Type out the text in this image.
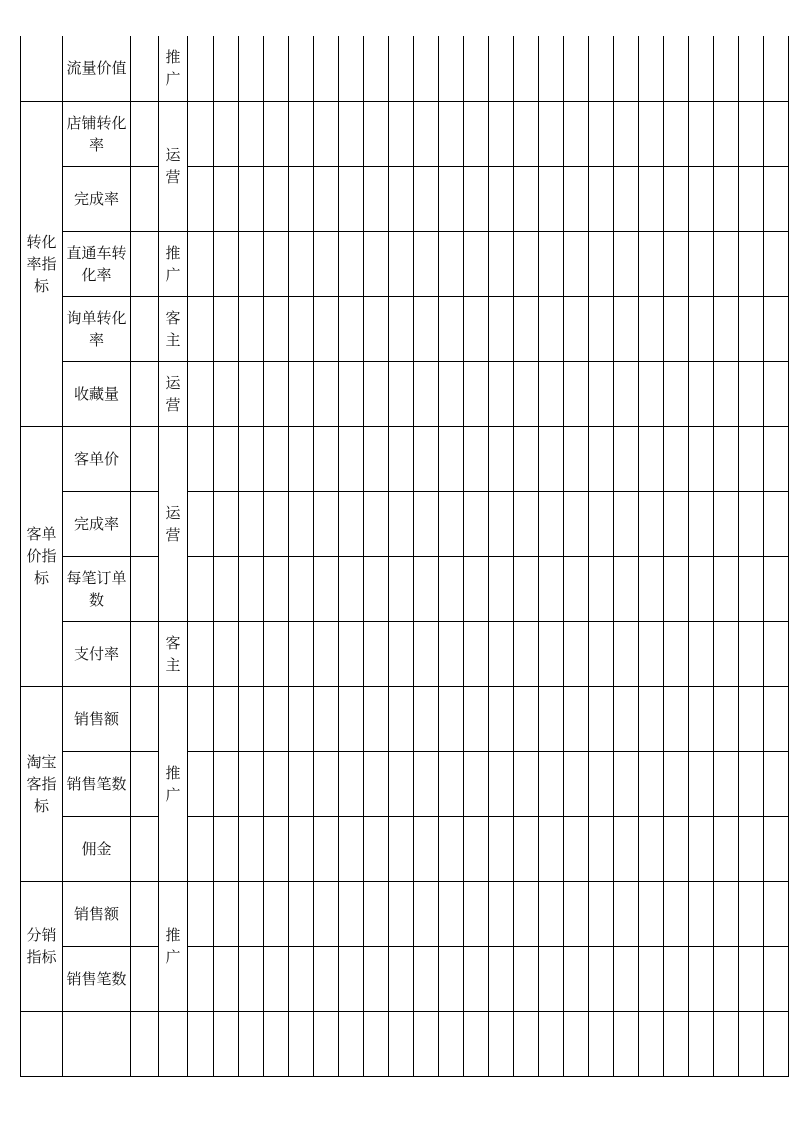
	流量价值		推广																								
转化率指标	店铺转化率		运营																								
	完成率																										
	直通车转化率		推广																								
	询单转化率		客主																								
	收藏量		运营																								
客单价指标	客单价		运营																								
	完成率																										
	每笔订单数																										
	支付率		客主																								
淘宝客指标	销售额		推广																								
	销售笔数																										
	佣金																										
分销指标	销售额		推广																								
	销售笔数																										
